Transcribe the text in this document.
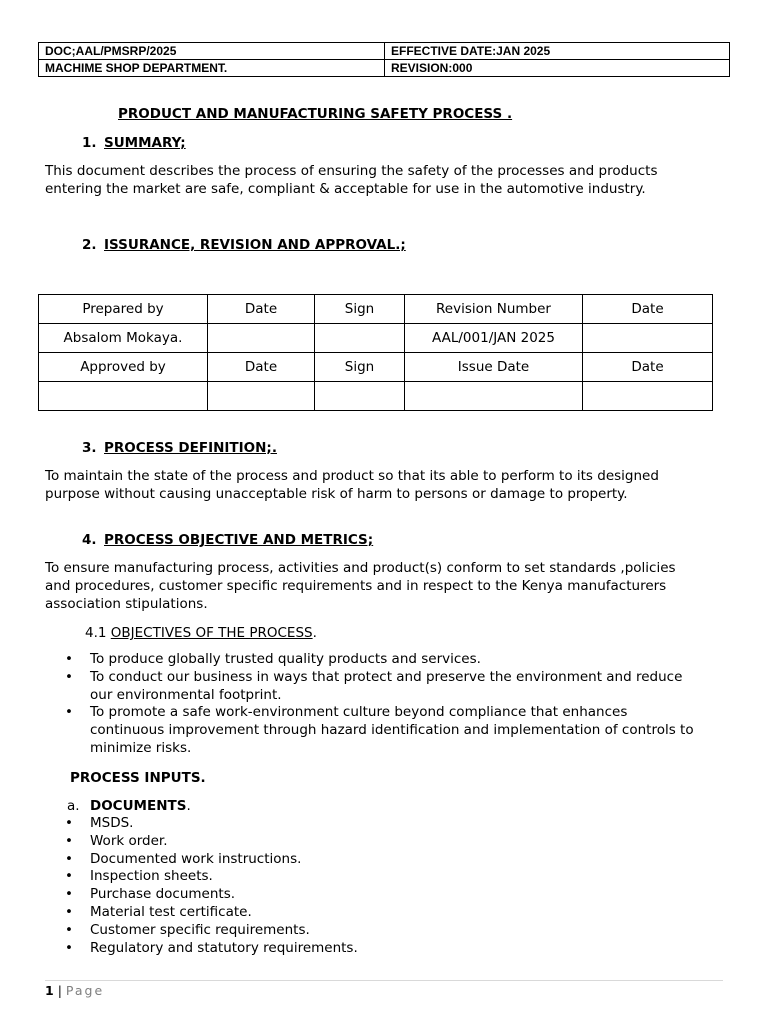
DOC;AAL/PMSRP/2025	EFFECTIVE DATE:JAN 2025
MACHIME SHOP DEPARTMENT.	REVISION:000
PRODUCT AND MANUFACTURING SAFETY PROCESS .
1. SUMMARY;
This document describes the process of ensuring the safety of the processes and products
entering the market are safe, compliant & acceptable for use in the automotive industry.
2. ISSURANCE, REVISION AND APPROVAL.;
Prepared by	Date	Sign	Revision Number	Date
Absalom Mokaya.			AAL/001/JAN 2025	
Approved by	Date	Sign	Issue Date	Date

3. PROCESS DEFINITION;.
To maintain the state of the process and product so that its able to perform to its designed
purpose without causing unacceptable risk of harm to persons or damage to property.
4. PROCESS OBJECTIVE AND METRICS;
To ensure manufacturing process, activities and product(s) conform to set standards ,policies
and procedures, customer specific requirements and in respect to the Kenya manufacturers
association stipulations.
4.1 OBJECTIVES OF THE PROCESS.
• To produce globally trusted quality products and services.
• To conduct our business in ways that protect and preserve the environment and reduce
our environmental footprint.
• To promote a safe work-environment culture beyond compliance that enhances
continuous improvement through hazard identification and implementation of controls to
minimize risks.
PROCESS INPUTS.
a. DOCUMENTS.
• MSDS.
• Work order.
• Documented work instructions.
• Inspection sheets.
• Purchase documents.
• Material test certificate.
• Customer specific requirements.
• Regulatory and statutory requirements.
1 | Page
